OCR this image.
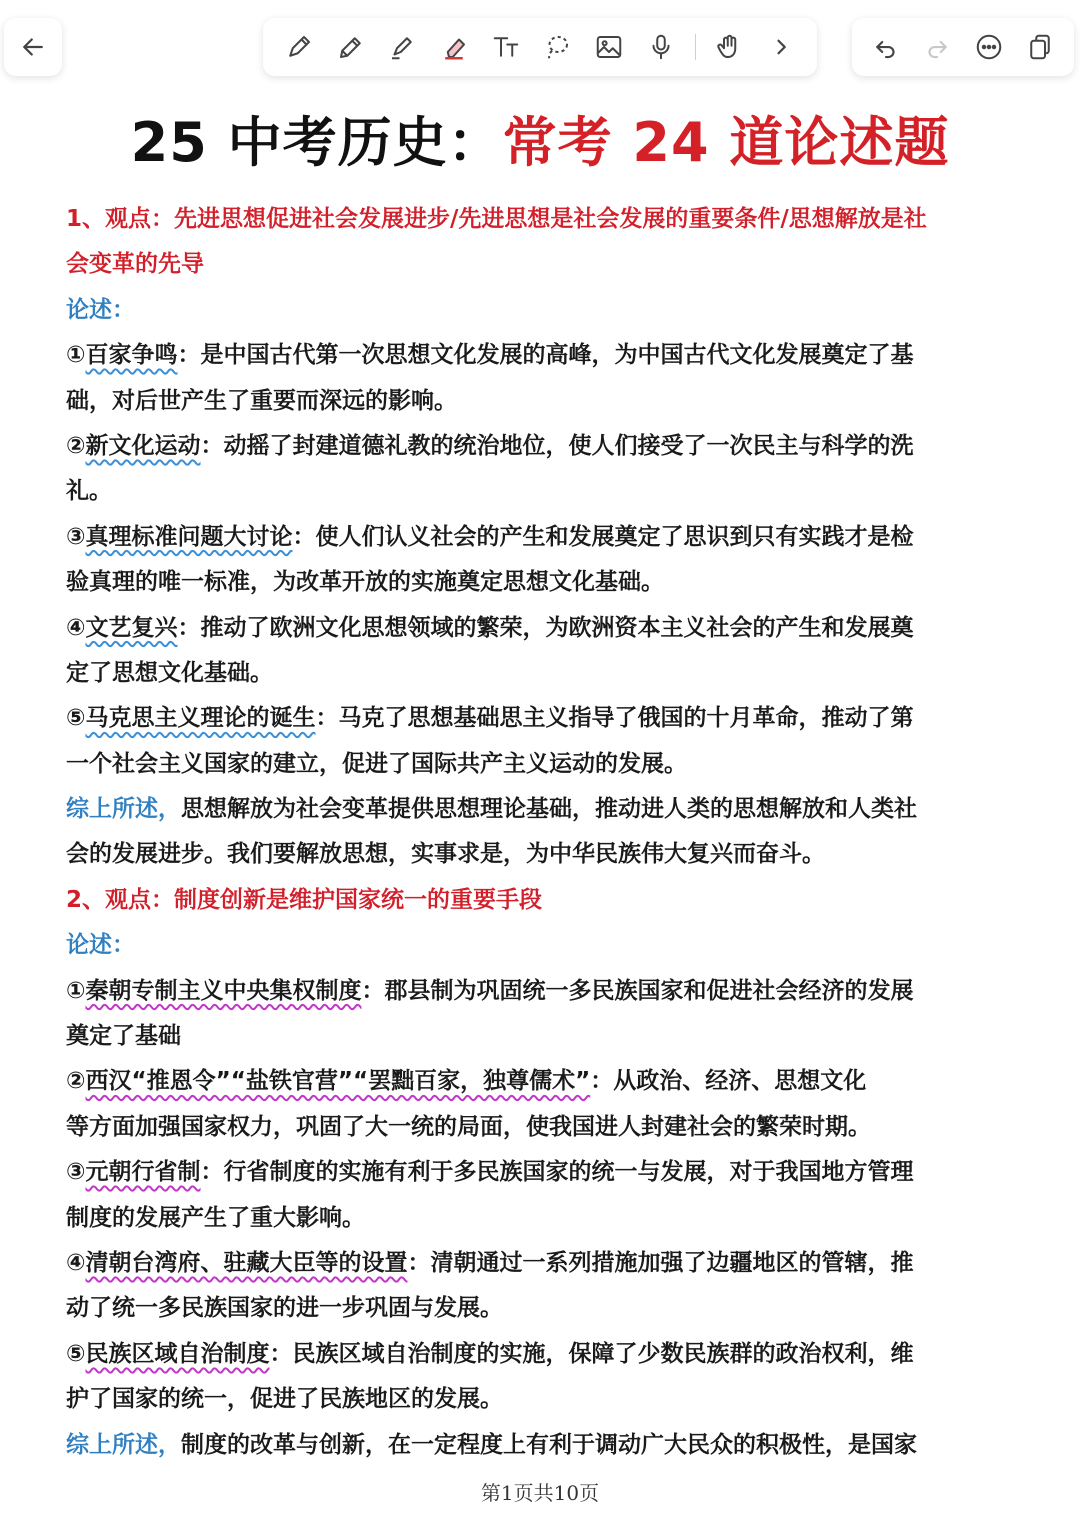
25 中考历史：常考 24 道论述题
1、观点：先进思想促进社会发展进步/先进思想是社会发展的重要条件/思想解放是社
会变革的先导
论述：
①百家争鸣：是中国古代第一次思想文化发展的高峰，为中国古代文化发展奠定了基
础，对后世产生了重要而深远的影响。
②新文化运动：动摇了封建道德礼教的统治地位，使人们接受了一次民主与科学的洗
礼。
③真理标准问题大讨论：使人们认义社会的产生和发展奠定了思识到只有实践才是检
验真理的唯一标准，为改革开放的实施奠定思想文化基础。
④文艺复兴：推动了欧洲文化思想领域的繁荣，为欧洲资本主义社会的产生和发展奠
定了思想文化基础。
⑤马克思主义理论的诞生：马克了思想基础思主义指导了俄国的十月革命，推动了第
一个社会主义国家的建立，促进了国际共产主义运动的发展。
综上所述，思想解放为社会变革提供思想理论基础，推动进人类的思想解放和人类社
会的发展进步。我们要解放思想，实事求是，为中华民族伟大复兴而奋斗。
2、观点：制度创新是维护国家统一的重要手段
论述：
①秦朝专制主义中央集权制度：郡县制为巩固统一多民族国家和促进社会经济的发展
奠定了基础
②西汉“推恩令”“盐铁官营”“罢黜百家，独尊儒术”：从政治、经济、思想文化
等方面加强国家权力，巩固了大一统的局面，使我国进人封建社会的繁荣时期。
③元朝行省制：行省制度的实施有利于多民族国家的统一与发展，对于我国地方管理
制度的发展产生了重大影响。
④清朝台湾府、驻藏大臣等的设置：清朝通过一系列措施加强了边疆地区的管辖，推
动了统一多民族国家的进一步巩固与发展。
⑤民族区域自治制度：民族区域自治制度的实施，保障了少数民族群的政治权利，维
护了国家的统一，促进了民族地区的发展。
综上所述，制度的改革与创新，在一定程度上有利于调动广大民众的积极性，是国家
第1页共10页
